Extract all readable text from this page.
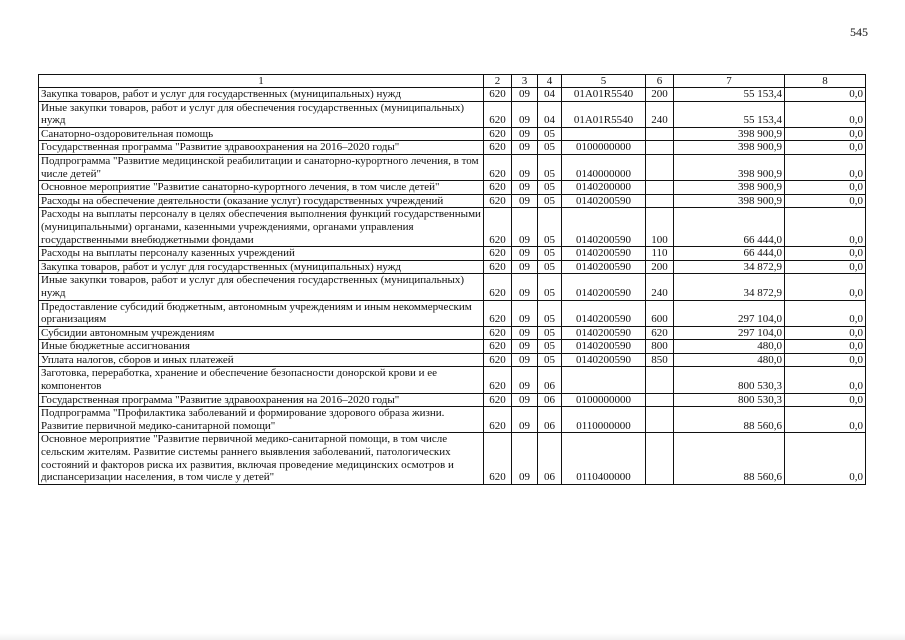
545
1	2	3	4	5	6	7	8
Закупка товаров, работ и услуг для государственных (муниципальных) нужд	620	09	04	01А01R5540	200	55 153,4	0,0
Иные закупки товаров, работ и услуг для обеспечения государственных (муниципальных) нужд	620	09	04	01А01R5540	240	55 153,4	0,0
Санаторно-оздоровительная помощь	620	09	05			398 900,9	0,0
Государственная программа "Развитие здравоохранения на 2016–2020 годы"	620	09	05	0100000000		398 900,9	0,0
Подпрограмма "Развитие медицинской реабилитации и санаторно-курортного лечения, в том числе детей"	620	09	05	0140000000		398 900,9	0,0
Основное мероприятие "Развитие санаторно-курортного лечения, в том числе детей"	620	09	05	0140200000		398 900,9	0,0
Расходы на обеспечение деятельности (оказание услуг) государственных учреждений	620	09	05	0140200590		398 900,9	0,0
Расходы на выплаты персоналу в целях обеспечения выполнения функций государственными (муниципальными) органами, казенными учреждениями, органами управления государственными внебюджетными фондами	620	09	05	0140200590	100	66 444,0	0,0
Расходы на выплаты персоналу казенных учреждений	620	09	05	0140200590	110	66 444,0	0,0
Закупка товаров, работ и услуг для государственных (муниципальных) нужд	620	09	05	0140200590	200	34 872,9	0,0
Иные закупки товаров, работ и услуг для обеспечения государственных (муниципальных) нужд	620	09	05	0140200590	240	34 872,9	0,0
Предоставление субсидий бюджетным, автономным учреждениям и иным некоммерческим организациям	620	09	05	0140200590	600	297 104,0	0,0
Субсидии автономным учреждениям	620	09	05	0140200590	620	297 104,0	0,0
Иные бюджетные ассигнования	620	09	05	0140200590	800	480,0	0,0
Уплата налогов, сборов и иных платежей	620	09	05	0140200590	850	480,0	0,0
Заготовка, переработка, хранение и обеспечение безопасности донорской крови и ее компонентов	620	09	06			800 530,3	0,0
Государственная программа "Развитие здравоохранения на 2016–2020 годы"	620	09	06	0100000000		800 530,3	0,0
Подпрограмма "Профилактика заболеваний и формирование здорового образа жизни. Развитие первичной медико-санитарной помощи"	620	09	06	0110000000		88 560,6	0,0
Основное мероприятие "Развитие первичной медико-санитарной помощи, в том числе сельским жителям. Развитие системы раннего выявления заболеваний, патологических состояний и факторов риска их развития, включая проведение медицинских осмотров и диспансеризации населения, в том числе у детей"	620	09	06	0110400000		88 560,6	0,0
